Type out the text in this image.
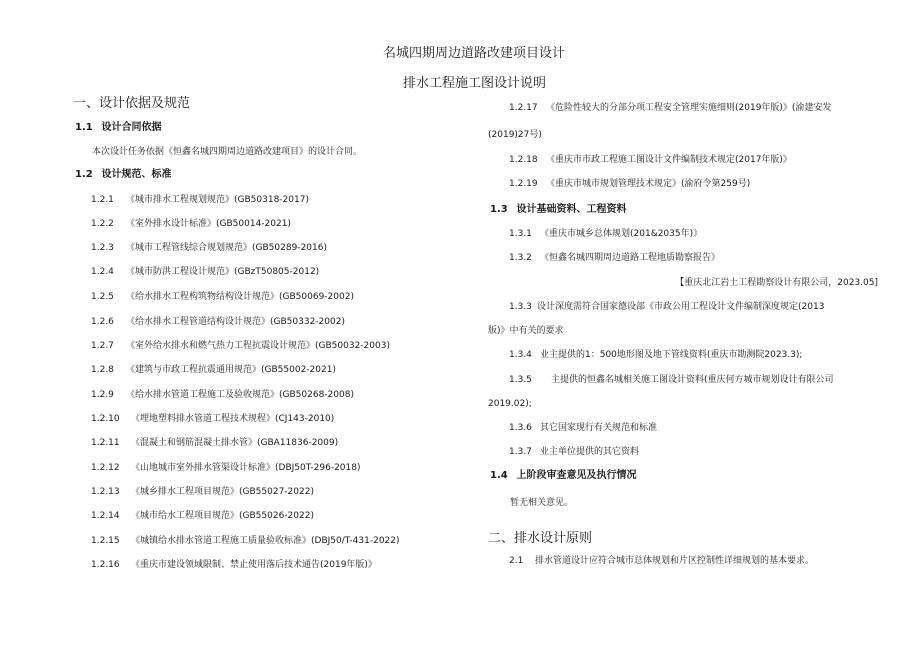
名城四期周边道路改建项目设计
排水工程施工图设计说明
一、设计依据及规范
1.1 设计合同依据
本次设计任务依据《恒鑫名城四期周边道路改建项目》的设计合同。
1.2 设计规范、标准
1.2.1 《城市排水工程规划规范》(GB50318-2017)
1.2.2 《室外排水设计标准》(GB50014-2021)
1.2.3 《城市工程管线综合规划规范》(GB50289-2016)
1.2.4 《城市防洪工程设计规范》(GBzT50805-2012)
1.2.5 《给水排水工程构筑物结构设计规范》(GB50069-2002)
1.2.6 《给水排水工程管道结构设计规范》(GB50332-2002)
1.2.7 《室外给水排水和燃气热力工程抗震设计规范》(GB50032-2003)
1.2.8 《建筑与市政工程抗震通用规范》(GB55002-2021)
1.2.9 《给水排水管道工程施工及验收规范》(GB50268-2008)
1.2.10 《埋地塑料排水管道工程技术规程》(CJ143-2010)
1.2.11 《混凝土和钢筋混凝土排水管》(GBA11836-2009)
1.2.12 《山地城市室外排水管渠设计标准》(DBJ50T-296-2018)
1.2.13 《城乡排水工程项目规范》(GB55027-2022)
1.2.14 《城市给水工程项目规范》(GB55026-2022)
1.2.15 《城镇给水排水管道工程施工质量验收标准》(DBJ50/T-431-2022)
1.2.16 《重庆市建设领域限制、禁止使用落后技术通告(2019年版)》
1.2.17 《危险性较大的分部分项工程安全管理实施细则(2019年版)》(渝建安发
(2019)27号)
1.2.18 《重庆市市政工程施工图设计文件编制技术规定(2017年版)》
1.2.19 《重庆市城市规划管理技术规定》(渝府令第259号)
1.3 设计基础资料、工程资料
1.3.1 《重庆市城乡总体规划(201&2035年)》
1.3.2 《恒鑫名城四期周边道路工程地质勘察报告》
【重庆北江岩土工程勘察设计有限公司，2023.05]
1.3.3 设计深度需符合国家德设部《市政公用工程设计文件编制深度规定(2013
版)》中有关的要求
1.3.4 业主提供的1：500地形图及地下管线资料(重庆市勘测院2023.3);
1.3.5 主提供的恒鑫名城相关施工图设计资料(重庆何方城市规划设计有限公司
2019.02);
1.3.6 其它国家现行有关规范和标准
1.3.7 业主单位提供的其它资料
1.4 上阶段审查意见及执行情况
暂无相关意见。
二、排水设计原则
2.1 排水管道设计应符合城市总体规划和片区控制性详细规划的基本要求。
